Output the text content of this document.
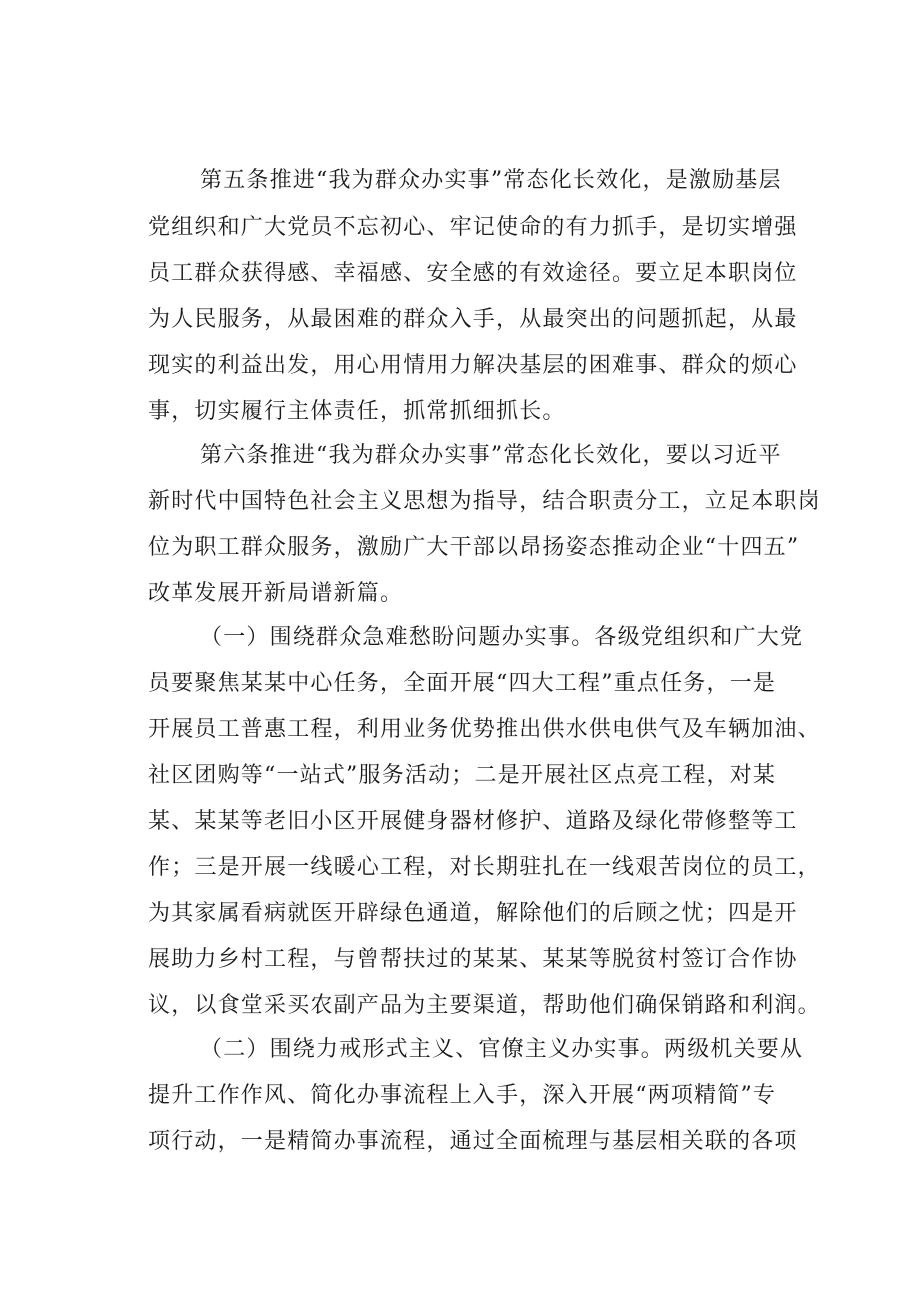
第五条推进“我为群众办实事”常态化长效化，是激励基层
党组织和广大党员不忘初心、牢记使命的有力抓手，是切实增强
员工群众获得感、幸福感、安全感的有效途径。要立足本职岗位
为人民服务，从最困难的群众入手，从最突出的问题抓起，从最
现实的利益出发，用心用情用力解决基层的困难事、群众的烦心
事，切实履行主体责任，抓常抓细抓长。
第六条推进“我为群众办实事”常态化长效化，要以习近平
新时代中国特色社会主义思想为指导，结合职责分工，立足本职岗
位为职工群众服务，激励广大干部以昂扬姿态推动企业“十四五”
改革发展开新局谱新篇。
（一）围绕群众急难愁盼问题办实事。各级党组织和广大党
员要聚焦某某中心任务，全面开展“四大工程”重点任务，一是
开展员工普惠工程，利用业务优势推出供水供电供气及车辆加油、
社区团购等“一站式”服务活动；二是开展社区点亮工程，对某
某、某某等老旧小区开展健身器材修护、道路及绿化带修整等工
作；三是开展一线暖心工程，对长期驻扎在一线艰苦岗位的员工，
为其家属看病就医开辟绿色通道，解除他们的后顾之忧；四是开
展助力乡村工程，与曾帮扶过的某某、某某等脱贫村签订合作协
议，以食堂采买农副产品为主要渠道，帮助他们确保销路和利润。
（二）围绕力戒形式主义、官僚主义办实事。两级机关要从
提升工作作风、简化办事流程上入手，深入开展“两项精简”专
项行动，一是精简办事流程，通过全面梳理与基层相关联的各项
